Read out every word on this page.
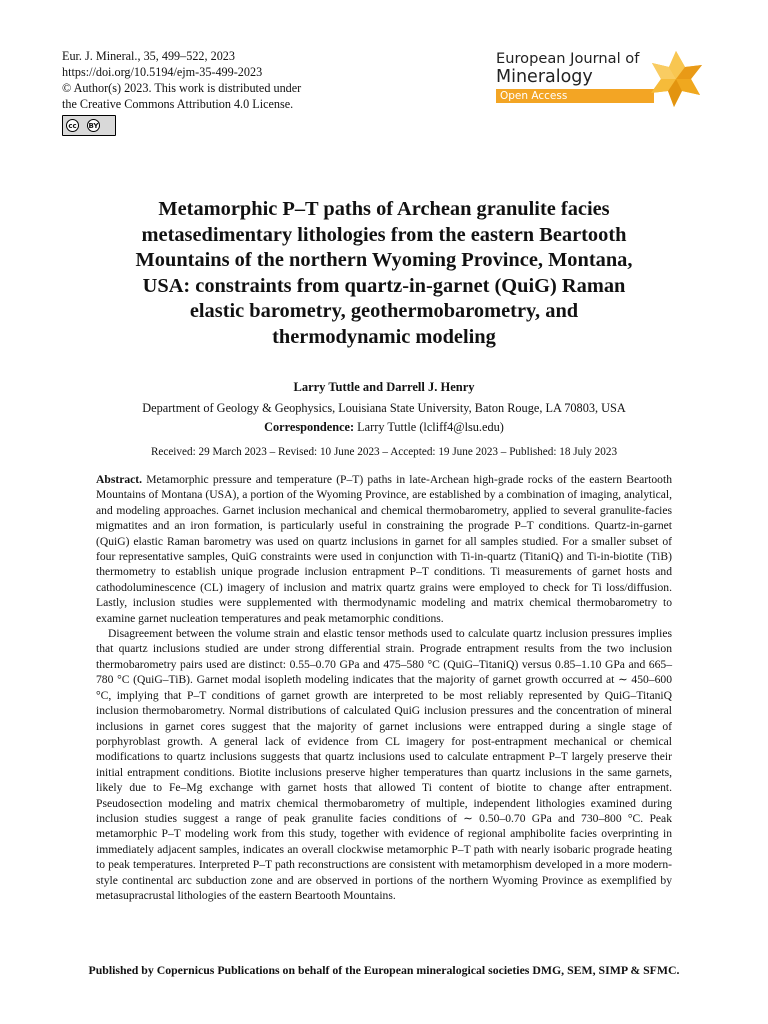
Eur. J. Mineral., 35, 499–522, 2023
https://doi.org/10.5194/ejm-35-499-2023
© Author(s) 2023. This work is distributed under
the Creative Commons Attribution 4.0 License.
cc	BY
European Journal of
Mineralogy
Open Access
Metamorphic P–T paths of Archean granulite facies
metasedimentary lithologies from the eastern Beartooth
Mountains of the northern Wyoming Province, Montana,
USA: constraints from quartz-in-garnet (QuiG) Raman
elastic barometry, geothermobarometry, and
thermodynamic modeling
Larry Tuttle and Darrell J. Henry
Department of Geology & Geophysics, Louisiana State University, Baton Rouge, LA 70803, USA
Correspondence: Larry Tuttle (lcliff4@lsu.edu)
Received: 29 March 2023 – Revised: 10 June 2023 – Accepted: 19 June 2023 – Published: 18 July 2023

Abstract. Metamorphic pressure and temperature (P–T) paths in late-Archean high-grade rocks of the eastern Beartooth Mountains of Montana (USA), a portion of the Wyoming Province, are established by a combination of imaging, analytical, and modeling approaches. Garnet inclusion mechanical and chemical thermobarometry, applied to several granulite-facies migmatites and an iron formation, is particularly useful in constraining the prograde P–T conditions. Quartz-in-garnet (QuiG) elastic Raman barometry was used on quartz inclusions in garnet for all samples studied. For a smaller subset of four representative samples, QuiG constraints were used in conjunction with Ti-in-quartz (TitaniQ) and Ti-in-biotite (TiB) thermometry to establish unique prograde inclusion entrapment P–T conditions. Ti measurements of garnet hosts and cathodoluminescence (CL) imagery of inclusion and matrix quartz grains were employed to check for Ti loss/diffusion. Lastly, inclusion studies were supplemented with thermodynamic modeling and matrix chemical thermobarometry to examine garnet nucleation temperatures and peak metamorphic conditions.

Disagreement between the volume strain and elastic tensor methods used to calculate quartz inclusion pressures implies that quartz inclusions studied are under strong differential strain. Prograde entrapment results from the two inclusion thermobarometry pairs used are distinct: 0.55–0.70 GPa and 475–580 °C (QuiG–TitaniQ) versus 0.85–1.10 GPa and 665–780 °C (QuiG–TiB). Garnet modal isopleth modeling indicates that the majority of garnet growth occurred at ∼ 450–600 °C, implying that P–T conditions of garnet growth are interpreted to be most reliably represented by QuiG–TitaniQ inclusion thermobarometry. Normal distributions of calculated QuiG inclusion pressures and the concentration of mineral inclusions in garnet cores suggest that the majority of garnet inclusions were entrapped during a single stage of porphyroblast growth. A general lack of evidence from CL imagery for post-entrapment mechanical or chemical modifications to quartz inclusions suggests that quartz inclusions used to calculate entrapment P–T largely preserve their initial entrapment conditions. Biotite inclusions preserve higher temperatures than quartz inclusions in the same garnets, likely due to Fe–Mg exchange with garnet hosts that allowed Ti content of biotite to change after entrapment. Pseudosection modeling and matrix chemical thermobarometry of multiple, independent lithologies examined during inclusion studies suggest a range of peak granulite facies conditions of ∼ 0.50–0.70 GPa and 730–800 °C. Peak metamorphic P–T modeling work from this study, together with evidence of regional amphibolite facies overprinting in immediately adjacent samples, indicates an overall clockwise metamorphic P–T path with nearly isobaric prograde heating to peak temperatures. Interpreted P–T path reconstructions are consistent with metamorphism developed in a more modern-style continental arc subduction zone and are observed in portions of the northern Wyoming Province as exemplified by metasupracrustal lithologies of the eastern Beartooth Mountains.

Published by Copernicus Publications on behalf of the European mineralogical societies DMG, SEM, SIMP & SFMC.
